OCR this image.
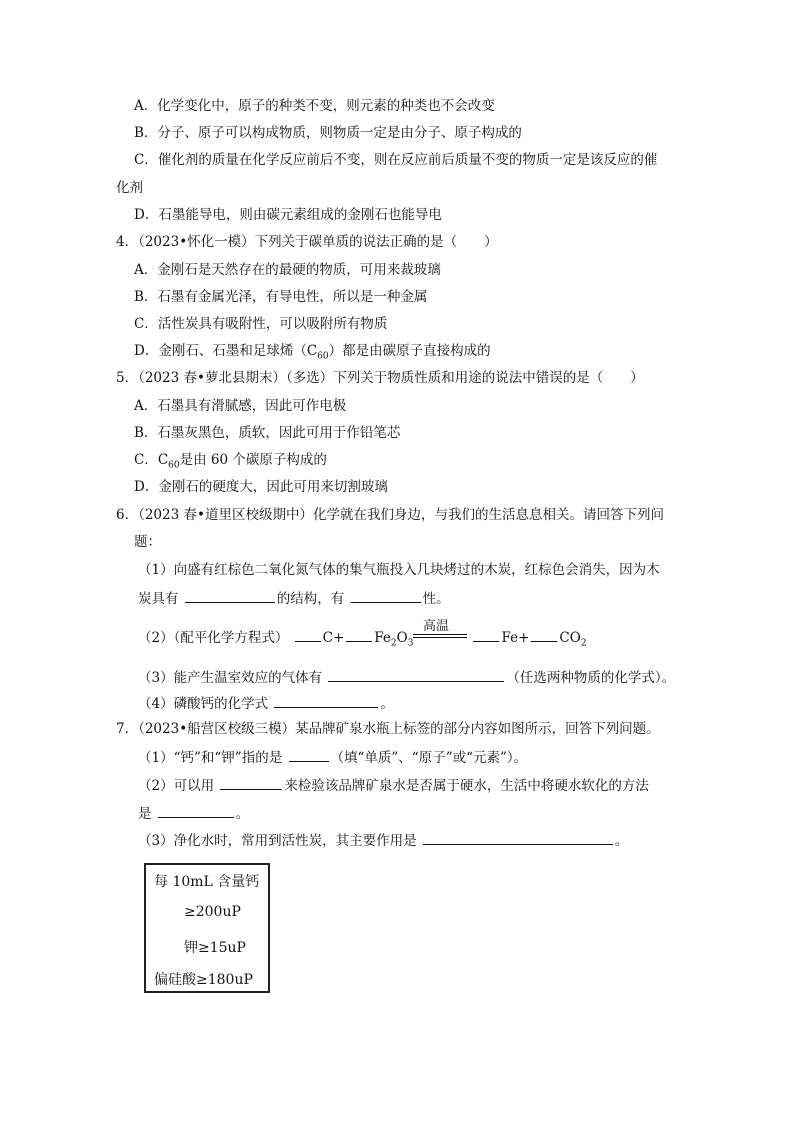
A．化学变化中，原子的种类不变，则元素的种类也不会改变
B．分子、原子可以构成物质，则物质一定是由分子、原子构成的
C．催化剂的质量在化学反应前后不变，则在反应前后质量不变的物质一定是该反应的催
化剂
D．石墨能导电，则由碳元素组成的金刚石也能导电
4．（2023•怀化一模）下列关于碳单质的说法正确的是（　　）
A．金刚石是天然存在的最硬的物质，可用来裁玻璃
B．石墨有金属光泽，有导电性，所以是一种金属
C．活性炭具有吸附性，可以吸附所有物质
D．金刚石、石墨和足球烯$(C_{60})$都是由碳原子直接构成的
5．（2023 春•萝北县期末）（多选）下列关于物质性质和用途的说法中错误的是（　　）
A．石墨具有滑腻感，因此可作电极
B．石墨灰黑色，质软，因此可用于作铅笔芯
C．$C_{60}$是由 60 个碳原子构成的
D．金刚石的硬度大，因此可用来切割玻璃
6．（2023 春•道里区校级期中）化学就在我们身边，与我们的生活息息相关。请回答下列问
题：
（1）向盛有红棕色二氧化氮气体的集气瓶投入几块烤过的木炭，红棕色会消失，因为木
炭具有	的结构，有	性。
（2）（配平化学方程式）	$C+ Fe_2O_3$	$Fe+ CO_2$
高温
（3）能产生温室效应的气体有	（任选两种物质的化学式）。
（4）磷酸钙的化学式	。
7．（2023•船营区校级三模）某品牌矿泉水瓶上标签的部分内容如图所示，回答下列问题。
（1）“钙”和“钾”指的是	（填“单质”、“原子”或“元素”）。
（2）可以用	来检验该品牌矿泉水是否属于硬水，生活中将硬水软化的方法
是	。
（3）净化水时，常用到活性炭，其主要作用是	。
每 10mL 含量钙
≥200uP
钾≥15uP
偏硅酸≥180uP
